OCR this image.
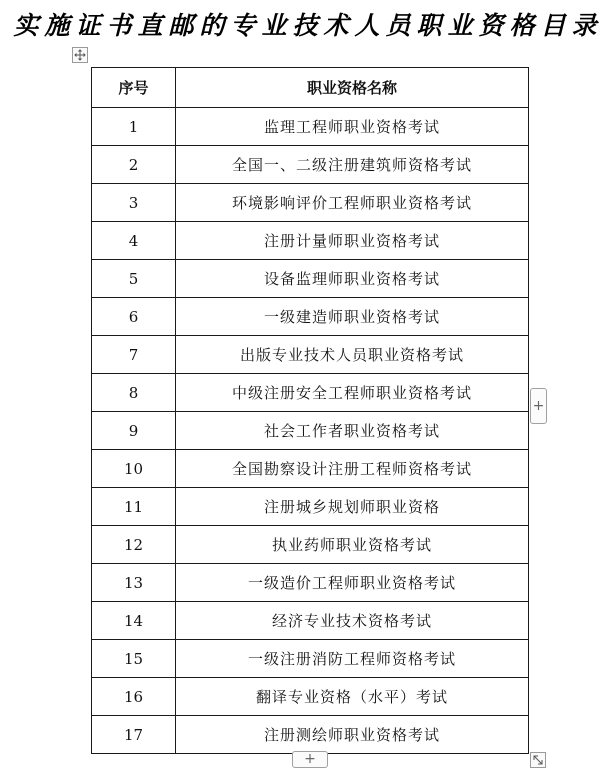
实施证书直邮的专业技术人员职业资格目录
序号	职业资格名称
1	监理工程师职业资格考试
2	全国一、二级注册建筑师资格考试
3	环境影响评价工程师职业资格考试
4	注册计量师职业资格考试
5	设备监理师职业资格考试
6	一级建造师职业资格考试
7	出版专业技术人员职业资格考试
8	中级注册安全工程师职业资格考试
9	社会工作者职业资格考试
10	全国勘察设计注册工程师资格考试
11	注册城乡规划师职业资格
12	执业药师职业资格考试
13	一级造价工程师职业资格考试
14	经济专业技术资格考试
15	一级注册消防工程师资格考试
16	翻译专业资格（水平）考试
17	注册测绘师职业资格考试
+
+
